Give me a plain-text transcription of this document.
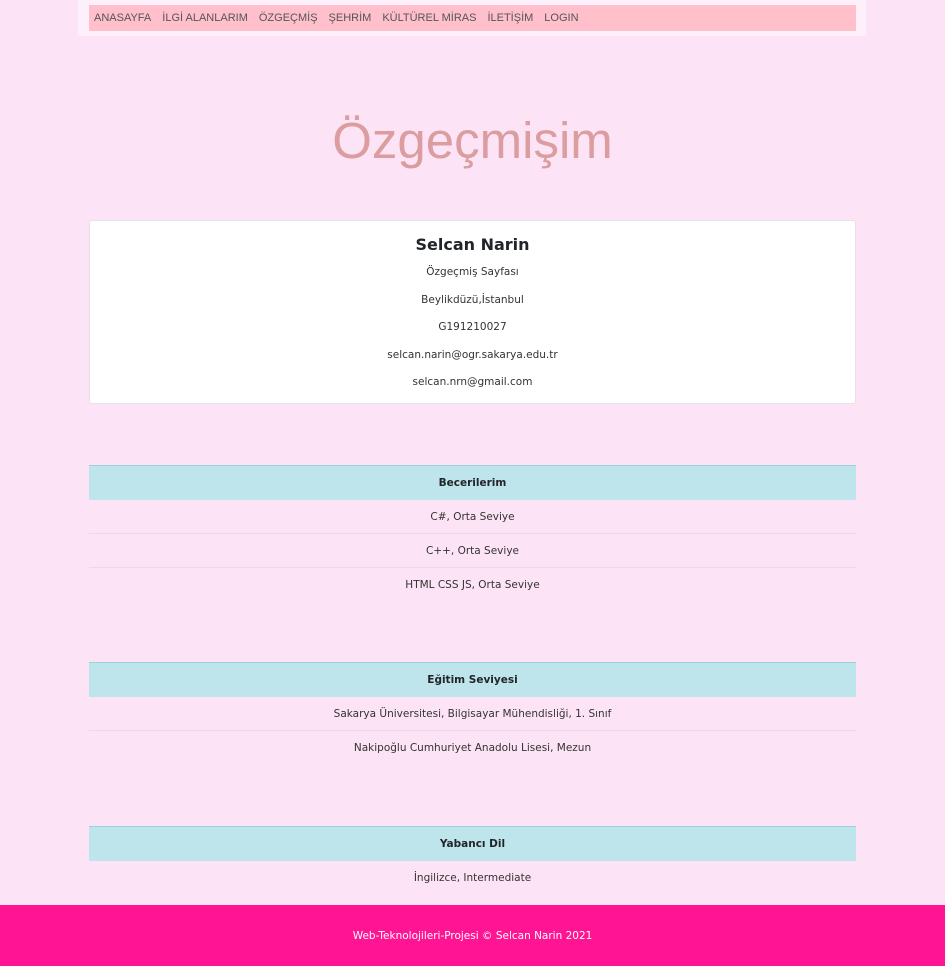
ANASAYFA İLGİ ALANLARIM ÖZGEÇMİŞ ŞEHRİM KÜLTÜREL MİRAS İLETİŞİM LOGIN
Özgeçmişim
Selcan Narin
Özgeçmiş Sayfası
Beylikdüzü,İstanbul
G191210027
selcan.narin@ogr.sakarya.edu.tr
selcan.nrn@gmail.com
Becerilerim
C#, Orta Seviye
C++, Orta Seviye
HTML CSS JS, Orta Seviye
Eğitim Seviyesi
Sakarya Üniversitesi, Bilgisayar Mühendisliği, 1. Sınıf
Nakipoğlu Cumhuriyet Anadolu Lisesi, Mezun
Yabancı Dil
İngilizce, Intermediate
Web-Teknolojileri-Projesi © Selcan Narin 2021
